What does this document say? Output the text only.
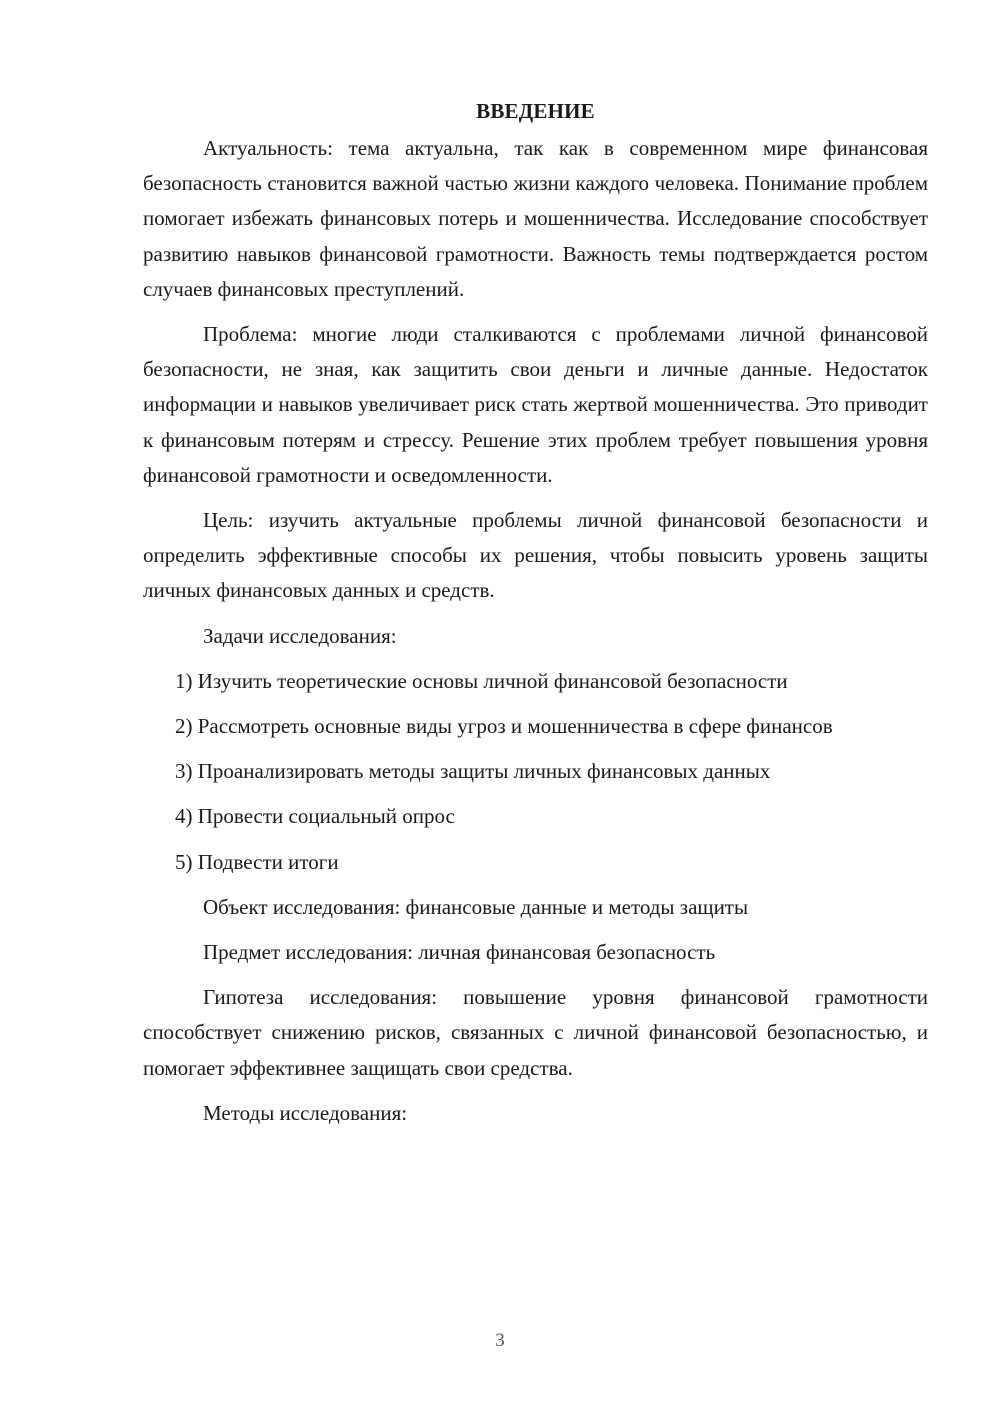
ВВЕДЕНИЕ

Актуальность: тема актуальна, так как в современном мире финансовая безопасность становится важной частью жизни каждого человека. Понимание проблем помогает избежать финансовых потерь и мошенничества. Исследование способствует развитию навыков финансовой грамотности. Важность темы подтверждается ростом случаев финансовых преступлений.

Проблема: многие люди сталкиваются с проблемами личной финансовой безопасности, не зная, как защитить свои деньги и личные данные. Недостаток информации и навыков увеличивает риск стать жертвой мошенничества. Это приводит к финансовым потерям и стрессу. Решение этих проблем требует повышения уровня финансовой грамотности и осведомленности.

Цель: изучить актуальные проблемы личной финансовой безопасности и определить эффективные способы их решения, чтобы повысить уровень защиты личных финансовых данных и средств.

Задачи исследования:

1) Изучить теоретические основы личной финансовой безопасности

2) Рассмотреть основные виды угроз и мошенничества в сфере финансов

3) Проанализировать методы защиты личных финансовых данных

4) Провести социальный опрос

5) Подвести итоги

Объект исследования: финансовые данные и методы защиты

Предмет исследования: личная финансовая безопасность

Гипотеза исследования: повышение уровня финансовой грамотности способствует снижению рисков, связанных с личной финансовой безопасностью, и помогает эффективнее защищать свои средства.

Методы исследования:

3
